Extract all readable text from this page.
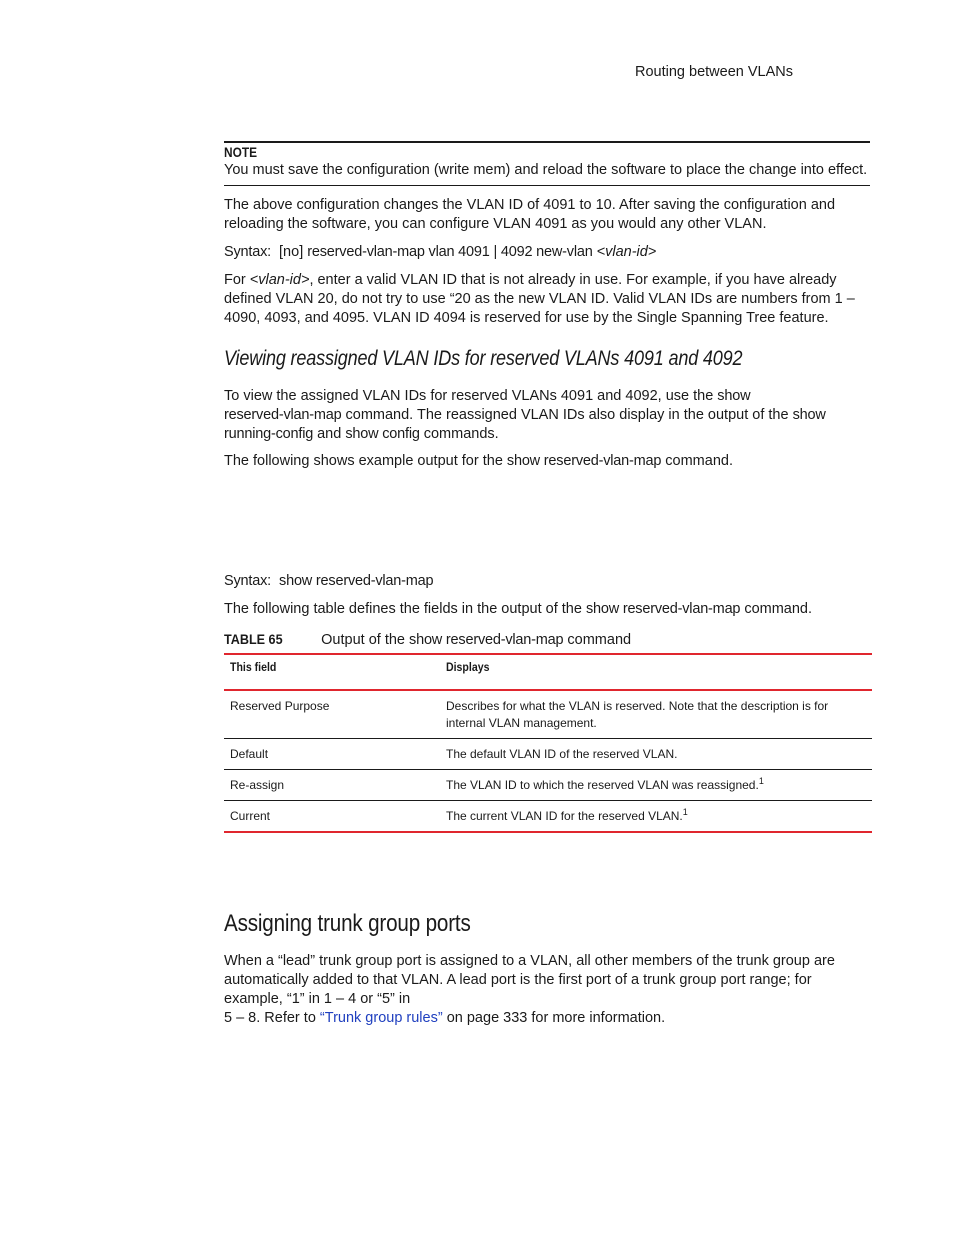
Routing between VLANs
NOTE
You must save the configuration (write mem) and reload the software to place the change into effect.
The above configuration changes the VLAN ID of 4091 to 10. After saving the configuration and
reloading the software, you can configure VLAN 4091 as you would any other VLAN.
Syntax: [no] reserved-vlan-map vlan 4091 | 4092 new-vlan <vlan-id>
For <vlan-id>, enter a valid VLAN ID that is not already in use. For example, if you have already
defined VLAN 20, do not try to use “20 as the new VLAN ID. Valid VLAN IDs are numbers from 1 –
4090, 4093, and 4095. VLAN ID 4094 is reserved for use by the Single Spanning Tree feature.
Viewing reassigned VLAN IDs for reserved VLANs 4091 and 4092
To view the assigned VLAN IDs for reserved VLANs 4091 and 4092, use the show
reserved-vlan-map command. The reassigned VLAN IDs also display in the output of the show
running-config and show config commands.
The following shows example output for the show reserved-vlan-map command.
Syntax: show reserved-vlan-map
The following table defines the fields in the output of the show reserved-vlan-map command.
TABLE 65	Output of the show reserved-vlan-map command
This field	Displays
Reserved Purpose	Describes for what the VLAN is reserved. Note that the description is for
internal VLAN management.

Default	The default VLAN ID of the reserved VLAN.
Re-assign	The VLAN ID to which the reserved VLAN was reassigned.$^1$
Current	The current VLAN ID for the reserved VLAN.$^1$
Assigning trunk group ports
When a “lead” trunk group port is assigned to a VLAN, all other members of the trunk group are
automatically added to that VLAN. A lead port is the first port of a trunk group port range; for
example, “1” in 1 – 4 or “5” in
5 – 8. Refer to “Trunk group rules” on page 333 for more information.
